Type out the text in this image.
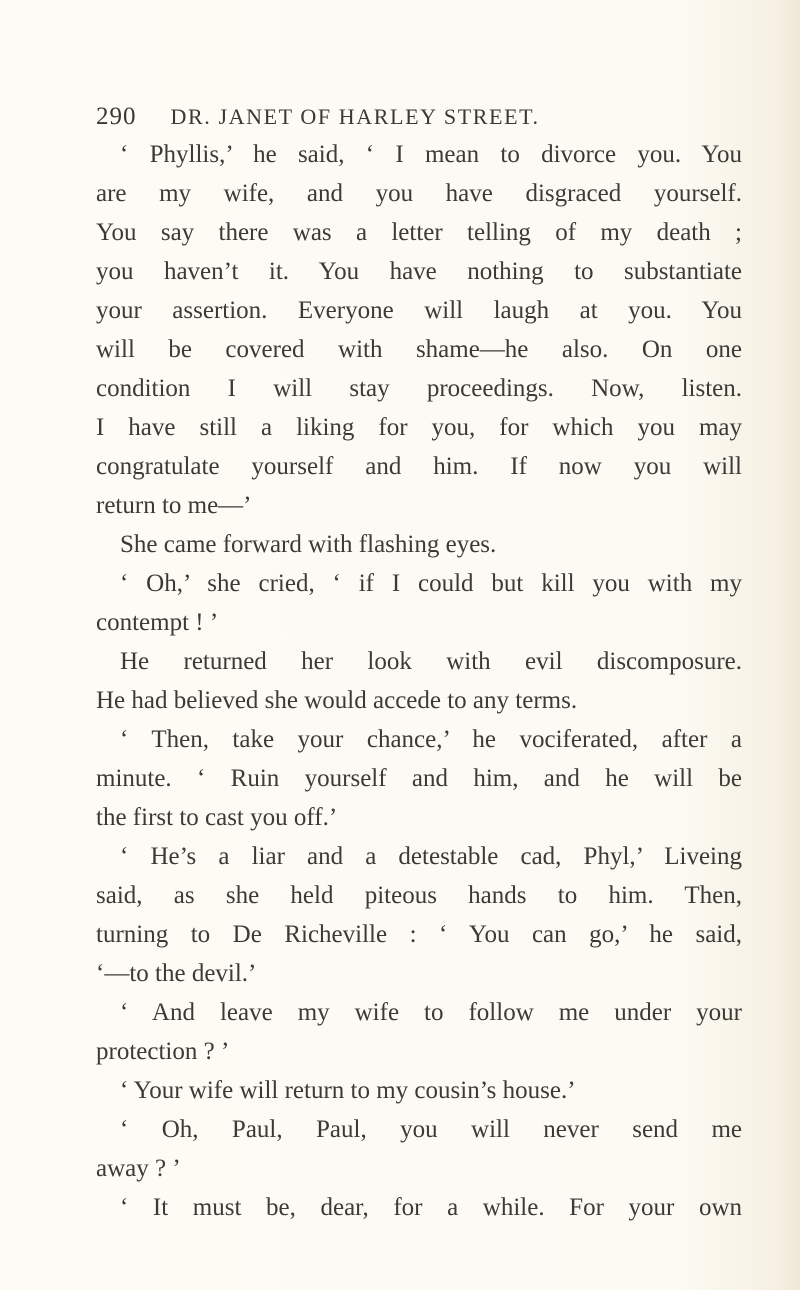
290 DR. JANET OF HARLEY STREET.
‘ Phyllis,’ he said, ‘ I mean to divorce you. You
are my wife, and you have disgraced yourself.
You say there was a letter telling of my death ;
you haven’t it. You have nothing to substantiate
your assertion. Everyone will laugh at you. You
will be covered with shame—he also. On one
condition I will stay proceedings. Now, listen.
I have still a liking for you, for which you may
congratulate yourself and him. If now you will
return to me—’
She came forward with flashing eyes.
‘ Oh,’ she cried, ‘ if I could but kill you with my
contempt ! ’
He returned her look with evil discomposure.
He had believed she would accede to any terms.
‘ Then, take your chance,’ he vociferated, after a
minute. ‘ Ruin yourself and him, and he will be
the first to cast you off.’
‘ He’s a liar and a detestable cad, Phyl,’ Liveing
said, as she held piteous hands to him. Then,
turning to De Richeville : ‘ You can go,’ he said,
‘—to the devil.’
‘ And leave my wife to follow me under your
protection ? ’
‘ Your wife will return to my cousin’s house.’
‘ Oh, Paul, Paul, you will never send me
away ? ’
‘ It must be, dear, for a while. For your own
